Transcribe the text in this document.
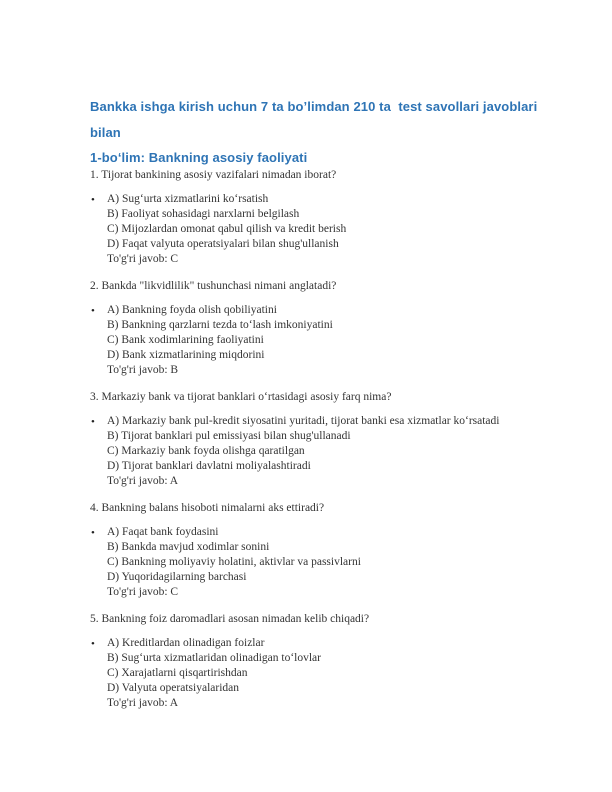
Bankka ishga kirish uchun 7 ta bo’limdan 210 ta  test savollari javoblari
bilan
1-bo‘lim: Bankning asosiy faoliyati
1. Tijorat bankining asosiy vazifalari nimadan iborat?
• A) Sug‘urta xizmatlarini ko‘rsatish
B) Faoliyat sohasidagi narxlarni belgilash
C) Mijozlardan omonat qabul qilish va kredit berish
D) Faqat valyuta operatsiyalari bilan shug'ullanish
To'g'ri javob: C
2. Bankda "likvidlilik" tushunchasi nimani anglatadi?
• A) Bankning foyda olish qobiliyatini
B) Bankning qarzlarni tezda to‘lash imkoniyatini
C) Bank xodimlarining faoliyatini
D) Bank xizmatlarining miqdorini
To'g'ri javob: B
3. Markaziy bank va tijorat banklari o‘rtasidagi asosiy farq nima?
• A) Markaziy bank pul-kredit siyosatini yuritadi, tijorat banki esa xizmatlar ko‘rsatadi
B) Tijorat banklari pul emissiyasi bilan shug'ullanadi
C) Markaziy bank foyda olishga qaratilgan
D) Tijorat banklari davlatni moliyalashtiradi
To'g'ri javob: A
4. Bankning balans hisoboti nimalarni aks ettiradi?
• A) Faqat bank foydasini
B) Bankda mavjud xodimlar sonini
C) Bankning moliyaviy holatini, aktivlar va passivlarni
D) Yuqoridagilarning barchasi
To'g'ri javob: C
5. Bankning foiz daromadlari asosan nimadan kelib chiqadi?
• A) Kreditlardan olinadigan foizlar
B) Sug‘urta xizmatlaridan olinadigan to‘lovlar
C) Xarajatlarni qisqartirishdan
D) Valyuta operatsiyalaridan
To'g'ri javob: A
